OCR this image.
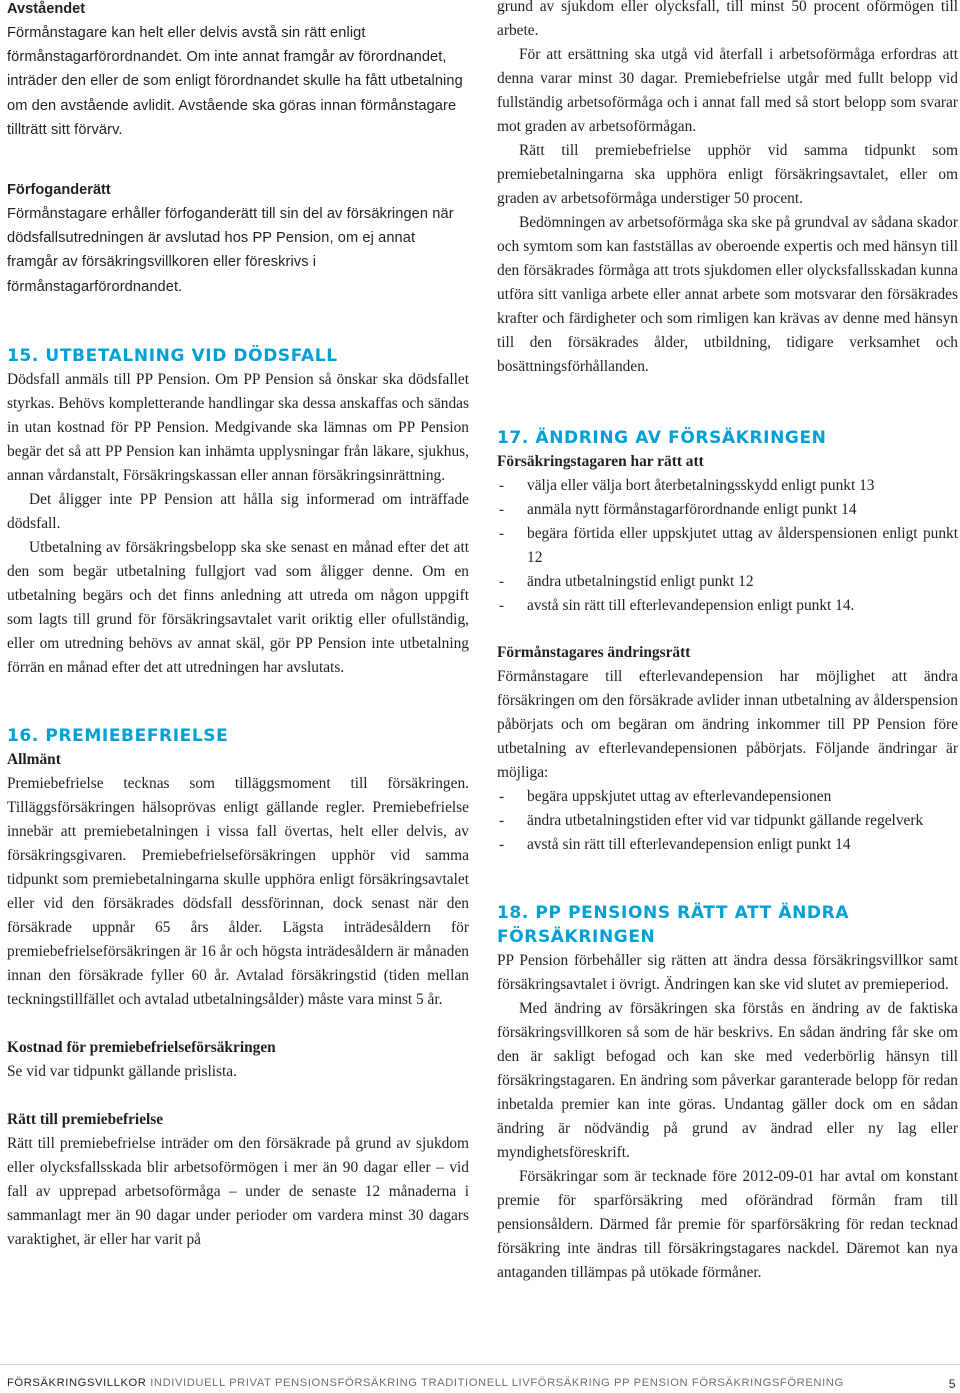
Avståendet

Förmånstagare kan helt eller delvis avstå sin rätt enligt förmånstagarförordnandet. Om inte annat framgår av förordnandet, inträder den eller de som enligt förordnandet skulle ha fått utbetalning om den avstående avlidit. Avstående ska göras innan förmånstagare tillträtt sitt förvärv.

Förfoganderätt

Förmånstagare erhåller förfoganderätt till sin del av försäkringen när dödsfallsutredningen är avslutad hos PP Pension, om ej annat framgår av försäkringsvillkoren eller föreskrivs i förmånstagarförordnandet.

15. UTBETALNING VID DÖDSFALL

Dödsfall anmäls till PP Pension. Om PP Pension så önskar ska dödsfallet styrkas. Behövs kompletterande handlingar ska dessa anskaffas och sändas in utan kostnad för PP Pension. Medgivande ska lämnas om PP Pension begär det så att PP Pension kan inhämta upplysningar från läkare, sjukhus, annan vårdanstalt, Försäkringskassan eller annan försäkringsinrättning.

Det åligger inte PP Pension att hålla sig informerad om inträffade dödsfall.

Utbetalning av försäkringsbelopp ska ske senast en månad efter det att den som begär utbetalning fullgjort vad som åligger denne. Om en utbetalning begärs och det finns anledning att utreda om någon uppgift som lagts till grund för försäkringsavtalet varit oriktig eller ofullständig, eller om utredning behövs av annat skäl, gör PP Pension inte utbetalning förrän en månad efter det att utredningen har avslutats.

16. PREMIEBEFRIELSE

Allmänt

Premiebefrielse tecknas som tilläggsmoment till försäkringen. Tilläggsförsäkringen hälsoprövas enligt gällande regler. Premiebefrielse innebär att premiebetalningen i vissa fall övertas, helt eller delvis, av försäkringsgivaren. Premiebefrielseförsäkringen upphör vid samma tidpunkt som premiebetalningarna skulle upphöra enligt försäkringsavtalet eller vid den försäkrades dödsfall dessförinnan, dock senast när den försäkrade uppnår 65 års ålder. Lägsta inträdesåldern för premiebefrielseförsäkringen är 16 år och högsta inträdesåldern är månaden innan den försäkrade fyller 60 år. Avtalad försäkringstid (tiden mellan teckningstillfället och avtalad utbetalningsålder) måste vara minst 5 år.

Kostnad för premiebefrielseförsäkringen

Se vid var tidpunkt gällande prislista.

Rätt till premiebefrielse

Rätt till premiebefrielse inträder om den försäkrade på grund av sjukdom eller olycksfallsskada blir arbetsoförmögen i mer än 90 dagar eller – vid fall av upprepad arbetsoförmåga – under de senaste 12 månaderna i sammanlagt mer än 90 dagar under perioder om vardera minst 30 dagars varaktighet, är eller har varit på

grund av sjukdom eller olycksfall, till minst 50 procent oförmögen till arbete.

För att ersättning ska utgå vid återfall i arbetsoförmåga erfordras att denna varar minst 30 dagar. Premiebefrielse utgår med fullt belopp vid fullständig arbetsoförmåga och i annat fall med så stort belopp som svarar mot graden av arbetsoförmågan.

Rätt till premiebefrielse upphör vid samma tidpunkt som premiebetalningarna ska upphöra enligt försäkringsavtalet, eller om graden av arbetsoförmåga understiger 50 procent.

Bedömningen av arbetsoförmåga ska ske på grundval av sådana skador och symtom som kan fastställas av oberoende expertis och med hänsyn till den försäkrades förmåga att trots sjukdomen eller olycksfallsskadan kunna utföra sitt vanliga arbete eller annat arbete som motsvarar den försäkrades krafter och färdigheter och som rimligen kan krävas av denne med hänsyn till den försäkrades ålder, utbildning, tidigare verksamhet och bosättningsförhållanden.

17. ÄNDRING AV FÖRSÄKRINGEN

Försäkringstagaren har rätt att

- välja eller välja bort återbetalningsskydd enligt punkt 13
- anmäla nytt förmånstagarförordnande enligt punkt 14
- begära förtida eller uppskjutet uttag av ålderspensionen enligt punkt 12
- ändra utbetalningstid enligt punkt 12
- avstå sin rätt till efterlevandepension enligt punkt 14.

Förmånstagares ändringsrätt

Förmånstagare till efterlevandepension har möjlighet att ändra försäkringen om den försäkrade avlider innan utbetalning av ålderspension påbörjats och om begäran om ändring inkommer till PP Pension före utbetalning av efterlevandepensionen påbörjats. Följande ändringar är möjliga:

- begära uppskjutet uttag av efterlevandepensionen
- ändra utbetalningstiden efter vid var tidpunkt gällande regelverk
- avstå sin rätt till efterlevandepension enligt punkt 14
18. PP PENSIONS RÄTT ATT ÄNDRA FÖRSÄKRINGEN

PP Pension förbehåller sig rätten att ändra dessa försäkringsvillkor samt försäkringsavtalet i övrigt. Ändringen kan ske vid slutet av premieperiod.

Med ändring av försäkringen ska förstås en ändring av de faktiska försäkringsvillkoren så som de här beskrivs. En sådan ändring får ske om den är sakligt befogad och kan ske med vederbörlig hänsyn till försäkringstagaren. En ändring som påverkar garanterade belopp för redan inbetalda premier kan inte göras. Undantag gäller dock om en sådan ändring är nödvändig på grund av ändrad eller ny lag eller myndighetsföreskrift.

Försäkringar som är tecknade före 2012-09-01 har avtal om konstant premie för sparförsäkring med oförändrad förmån fram till pensionsåldern. Därmed får premie för sparförsäkring för redan tecknad försäkring inte ändras till försäkringstagares nackdel. Däremot kan nya antaganden tillämpas på utökade förmåner.

FÖRSÄKRINGSVILLKOR INDIVIDUELL PRIVAT PENSIONSFÖRSÄKRING TRADITIONELL LIVFÖRSÄKRING PP PENSION FÖRSÄKRINGSFÖRENING	5
